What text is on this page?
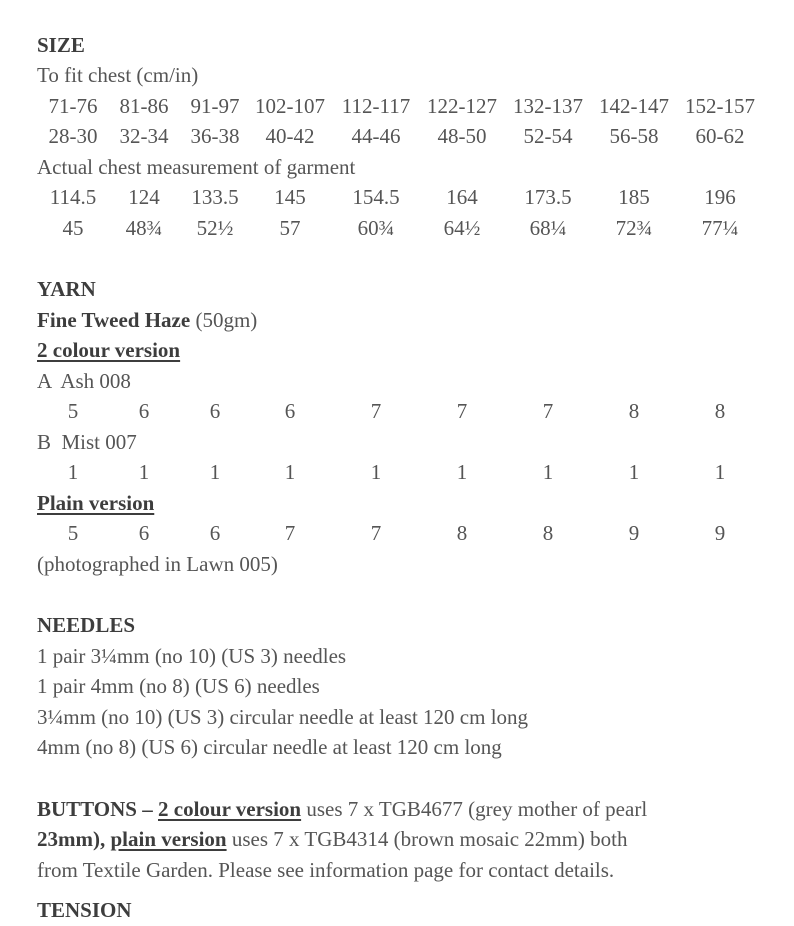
SIZE
To fit chest (cm/in)
71-76	81-86	91-97 102-107 112-117 122-127 132-137 142-147 152-157
28-30	32-34	36-38	40-42	44-46	48-50	52-54	56-58	60-62
Actual chest measurement of garment
114.5	124	133.5	145	154.5	164	173.5	185	196
45	48¾	52½	57	60¾	64½	68¼	72¾	77¼
YARN
Fine Tweed Haze (50gm)
2 colour version
A  Ash 008
5	6	6	6	7	7	7	8	8
B  Mist 007
1	1	1	1	1	1	1	1	1
Plain version
5	6	6	7	7	8	8	9	9
(photographed in Lawn 005)
NEEDLES
1 pair 3¼mm (no 10) (US 3) needles
1 pair 4mm (no 8) (US 6) needles
3¼mm (no 10) (US 3) circular needle at least 120 cm long
4mm (no 8) (US 6) circular needle at least 120 cm long
BUTTONS – 2 colour version uses 7 x TGB4677 (grey mother of pearl
23mm), plain version uses 7 x TGB4314 (brown mosaic 22mm) both
from Textile Garden. Please see information page for contact details.
TENSION
